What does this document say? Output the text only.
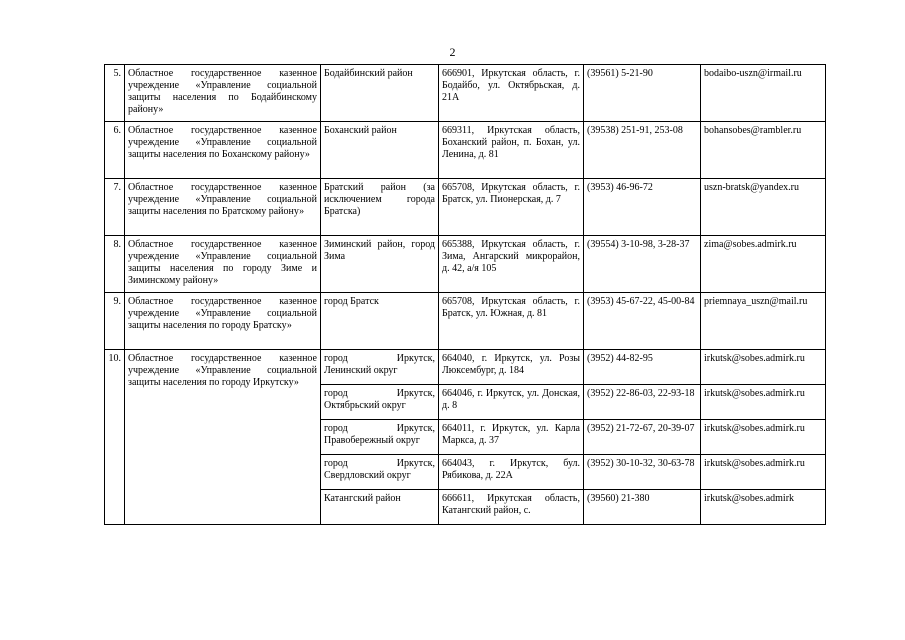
2
5.	Областное государственное казенное учреждение «Управление социальной защиты населения по Бодайбинскому району»	Бодайбинский район	666901, Иркутская область, г. Бодайбо, ул. Октябрьская, д. 21А	(39561) 5-21-90	bodaibo-uszn@irmail.ru
6.	Областное государственное казенное учреждение «Управление социальной защиты населения по Боханскому району»	Боханский район	669311, Иркутская область, Боханский район, п. Бохан, ул. Ленина, д. 81	(39538) 251-91, 253-08	bohansobes@rambler.ru
7.	Областное государственное казенное учреждение «Управление социальной защиты населения по Братскому району»	Братский район (за исключением города Братска)	665708, Иркутская область, г. Братск, ул. Пионерская, д. 7	(3953) 46-96-72	uszn-bratsk@yandex.ru
8.	Областное государственное казенное учреждение «Управление социальной защиты населения по городу Зиме и Зиминскому району»	Зиминский район, город Зима	665388, Иркутская область, г. Зима, Ангарский микрорайон, д. 42, а/я 105	(39554) 3-10-98, 3-28-37	zima@sobes.admirk.ru
9.	Областное государственное казенное учреждение «Управление социальной защиты населения по городу Братску»	город Братск	665708, Иркутская область, г. Братск, ул. Южная, д. 81	(3953) 45-67-22, 45-00-84	priemnaya_uszn@mail.ru
10.	Областное государственное казенное учреждение «Управление социальной защиты населения по городу Иркутску»	город Иркутск, Ленинский округ	664040, г. Иркутск, ул. Розы Люксембург, д. 184	(3952) 44-82-95	irkutsk@sobes.admirk.ru
		город Иркутск, Октябрьский округ	664046, г. Иркутск, ул. Донская, д. 8	(3952) 22-86-03, 22-93-18	irkutsk@sobes.admirk.ru
		город Иркутск, Правобережный округ	664011, г. Иркутск, ул. Карла Маркса, д. 37	(3952) 21-72-67, 20-39-07	irkutsk@sobes.admirk.ru
		город Иркутск, Свердловский округ	664043, г. Иркутск, бул. Рябикова, д. 22А	(3952) 30-10-32, 30-63-78	irkutsk@sobes.admirk.ru
		Катангский район	666611, Иркутская область, Катангский район, с.	(39560) 21-380	irkutsk@sobes.admirk
